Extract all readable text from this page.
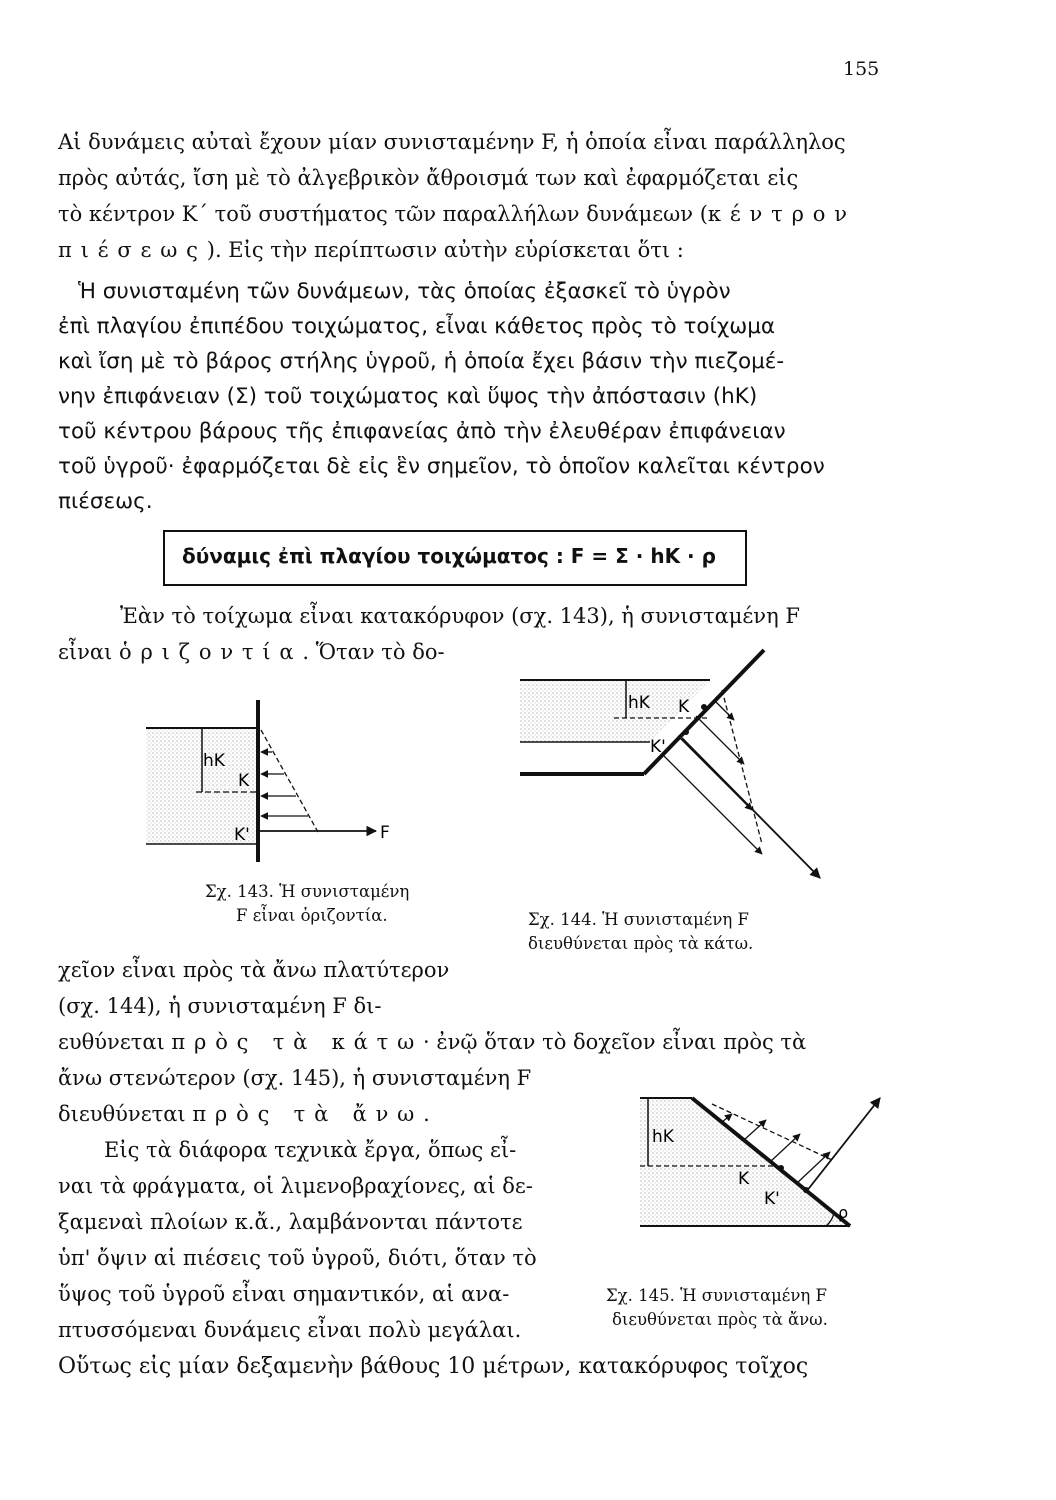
155
Αἱ δυνάμεις αὐταὶ ἔχουν μίαν συνισταμένην F, ἡ ὁποία εἶναι παράλληλος
πρὸς αὐτάς, ἴση μὲ τὸ ἀλγεβρικὸν ἄθροισμά των καὶ ἐφαρμόζεται εἰς
τὸ κέντρον Κ΄ τοῦ συστήματος τῶν παραλλήλων δυνάμεων (κέντρον
πιέσεως). Εἰς τὴν περίπτωσιν αὐτὴν εὑρίσκεται ὅτι :
Ἡ συνισταμένη τῶν δυνάμεων, τὰς ὁποίας ἐξασκεῖ τὸ ὑγρὸν
ἐπὶ πλαγίου ἐπιπέδου τοιχώματος, εἶναι κάθετος πρὸς τὸ τοίχωμα
καὶ ἴση μὲ τὸ βάρος στήλης ὑγροῦ, ἡ ὁποία ἔχει βάσιν τὴν πιεζομέ-
νην ἐπιφάνειαν (Σ) τοῦ τοιχώματος καὶ ὕψος τὴν ἀπόστασιν (hΚ)
τοῦ κέντρου βάρους τῆς ἐπιφανείας ἀπὸ τὴν ἐλευθέραν ἐπιφάνειαν
τοῦ ὑγροῦ· ἐφαρμόζεται δὲ εἰς ἓν σημεῖον, τὸ ὁποῖον καλεῖται κέντρον
πιέσεως.
δύναμις ἐπὶ πλαγίου τοιχώματος : F = Σ · hΚ · ρ
Ἐὰν τὸ τοίχωμα εἶναι κατακόρυφον (σχ. 143), ἡ συνισταμένη F
εἶναι ὁριζοντία. Ὅταν τὸ δο-
χεῖον εἶναι πρὸς τὰ ἄνω πλατύτερον
(σχ. 144), ἡ συνισταμένη F δι-
ευθύνεται πρὸς τὰ κάτω· ἐνῷ ὅταν τὸ δοχεῖον εἶναι πρὸς τὰ
ἄνω στενώτερον (σχ. 145), ἡ συνισταμένη F
διευθύνεται πρὸς τὰ ἄνω.
Εἰς τὰ διάφορα τεχνικὰ ἔργα, ὅπως εἶ-
ναι τὰ φράγματα, οἱ λιμενοβραχίονες, αἱ δε-
ξαμεναὶ πλοίων κ.ἄ., λαμβάνονται πάντοτε
ὑπ' ὄψιν αἱ πιέσεις τοῦ ὑγροῦ, διότι, ὅταν τὸ
ὕψος τοῦ ὑγροῦ εἶναι σημαντικόν, αἱ ανα-
πτυσσόμεναι δυνάμεις εἶναι πολὺ μεγάλαι.
Οὕτως εἰς μίαν δεξαμενὴν βάθους 10 μέτρων, κατακόρυφος τοῖχος
Σχ. 143. Ἡ συνισταμένη
F εἶναι ὁριζοντία.	Σχ. 144. Ἡ συνισταμένη F
διευθύνεται πρὸς τὰ κάτω.
Σχ. 145. Ἡ συνισταμένη F
διευθύνεται πρὸς τὰ ἄνω.
hK
K
K'	F
hK K
K'
hK
K
K'
ρ
